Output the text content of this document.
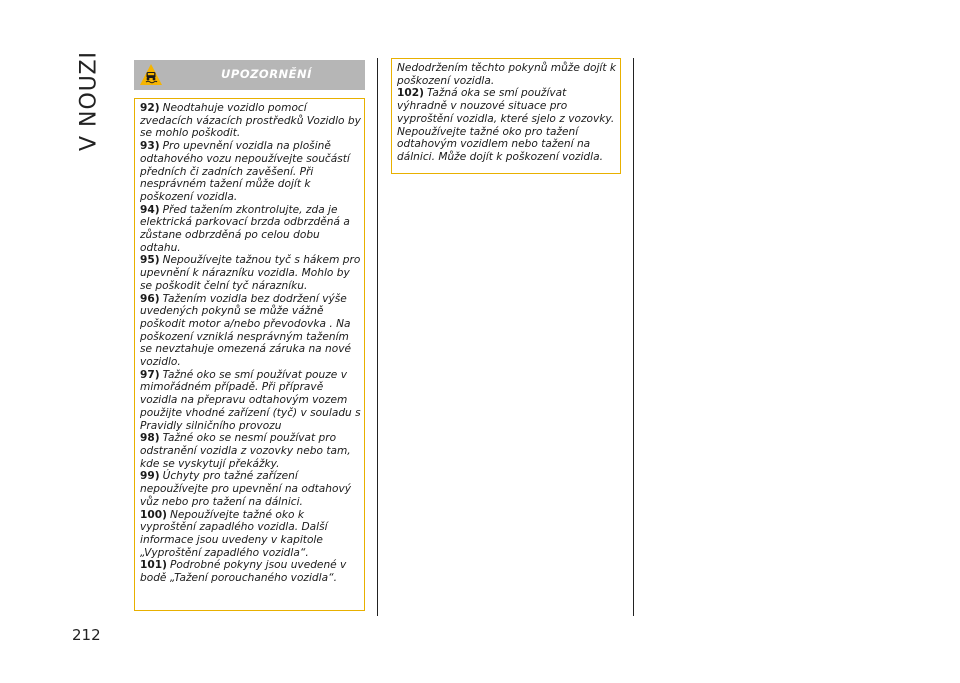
V NOUZI
212
UPOZORNĚNÍ

92) Neodtahuje vozidlo pomocí zvedacích vázacích prostředků Vozidlo by se mohlo poškodit.

93) Pro upevnění vozidla na plošině odtahového vozu nepoužívejte součástí předních či zadních zavěšení. Při nesprávném tažení může dojít k poškození vozidla.

94) Před tažením zkontrolujte, zda je elektrická parkovací brzda odbrzděná a zůstane odbrzděná po celou dobu odtahu.

95) Nepoužívejte tažnou tyč s hákem pro upevnění k nárazníku vozidla. Mohlo by se poškodit čelní tyč nárazníku.

96) Tažením vozidla bez dodržení výše uvedených pokynů se může vážně poškodit motor a/nebo převodovka . Na poškození vzniklá nesprávným tažením se nevztahuje omezená záruka na nové vozidlo.

97) Tažné oko se smí používat pouze v mimořádném případě. Při přípravě vozidla na přepravu odtahovým vozem použijte vhodné zařízení (tyč) v souladu s Pravidly silničního provozu

98) Tažné oko se nesmí používat pro odstranění vozidla z vozovky nebo tam, kde se vyskytují překážky.

99) Úchyty pro tažné zařízení nepoužívejte pro upevnění na odtahový vůz nebo pro tažení na dálnici.

100) Nepoužívejte tažné oko k vyproštění zapadlého vozidla. Další informace jsou uvedeny v kapitole „Vyproštění zapadlého vozidla“.

101) Podrobné pokyny jsou uvedené v bodě „Tažení porouchaného vozidla“.

Nedodržením těchto pokynů může dojít k poškození vozidla.

102) Tažná oka se smí používat výhradně v nouzové situace pro vyproštění vozidla, které sjelo z vozovky. Nepoužívejte tažné oko pro tažení odtahovým vozidlem nebo tažení na dálnici. Může dojít k poškození vozidla.
